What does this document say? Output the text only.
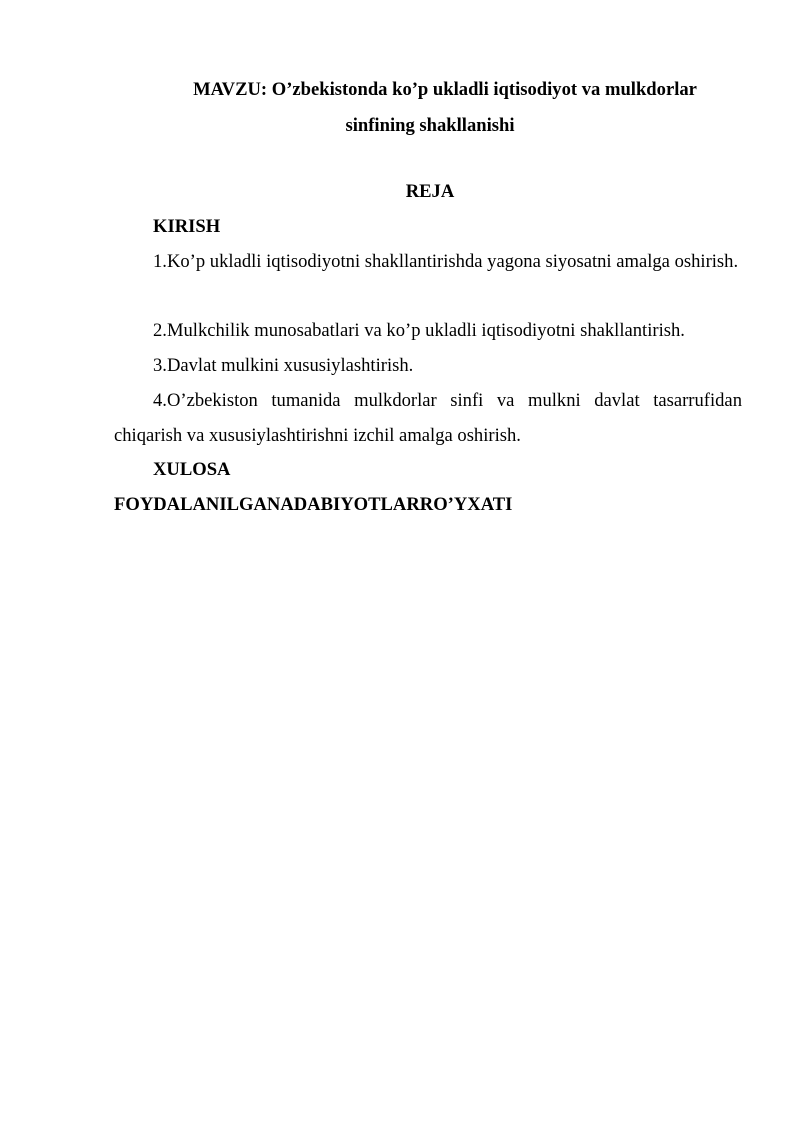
MAVZU: O’zbekistonda ko’p ukladli iqtisodiyot va mulkdorlar sinfining shakllanishi
REJA
KIRISH
1.Ko’p ukladli iqtisodiyotni shakllantirishda yagona siyosatni amalga oshirish.
2.Mulkchilik munosabatlari va ko’p ukladli iqtisodiyotni shakllantirish.
3.Davlat mulkini xususiylashtirish.
4.O’zbekiston tumanida mulkdorlar sinfi va mulkni davlat tasarrufidan chiqarish va xususiylashtirishni izchil amalga oshirish.
XULOSA
FOYDALANILGANADABIYOTLARRO’YXATI
